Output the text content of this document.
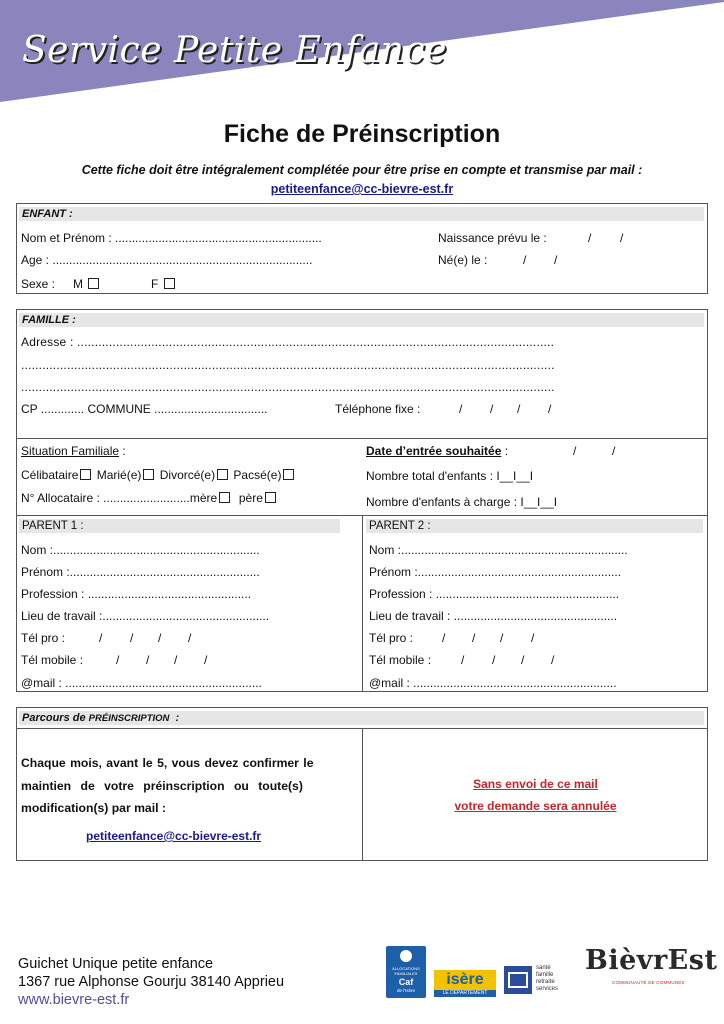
Service Petite Enfance
Fiche de Préinscription
Cette fiche doit être intégralement complétée pour être prise en compte et transmise par mail :
petiteenfance@cc-bievre-est.fr
ENFANT :
Nom et Prénom : ..............................................................	Naissance prévu le :	/ /
Age : ..............................................................................	Né(e) le :	/ /
Sexe : M	F
FAMILLE :
Adresse : .......................................................................................................................................
.......................................................................................................................................................
.......................................................................................................................................................
CP ............. COMMUNE ..................................	Téléphone fixe :	/ / / /
Situation Familiale :
Célibataire Marié(e) Divorcé(e) Pacsé(e)
N° Allocataire : ..........................mère père
Date d’entrée souhaitée :	/	/
Nombre total d'enfants : I__I__I
Nombre d'enfants à charge : I__I__I
PARENT 1 :
Nom :..............................................................
Prénom :.........................................................
Profession : .................................................
Lieu de travail :..................................................
Tél pro :	/ / / /
Tél mobile :	/ / / /
@mail : ...........................................................
PARENT 2 :
Nom :....................................................................
Prénom :.............................................................
Profession : .......................................................
Lieu de travail : .................................................
Tél pro : / / / /
Tél mobile : / / / /
@mail : .............................................................
Parcours de PRÉINSCRIPTION :
Chaque mois, avant le 5, vous devez confirmer le
maintien de votre préinscription ou toute(s)
modification(s) par mail :
petiteenfance@cc-bievre-est.fr
Sans envoi de ce mail
votre demande sera annulée
Guichet Unique petite enfance
1367 rue Alphonse Gourju 38140 Apprieu
www.bievre-est.fr
ALLOCATIONS
FAMILIALES
Caf
de l'Isère
isère
LE DÉPARTEMENT
santé
famille
retraite
services
BièvrEst
COMMUNAUTÉ DE COMMUNES
